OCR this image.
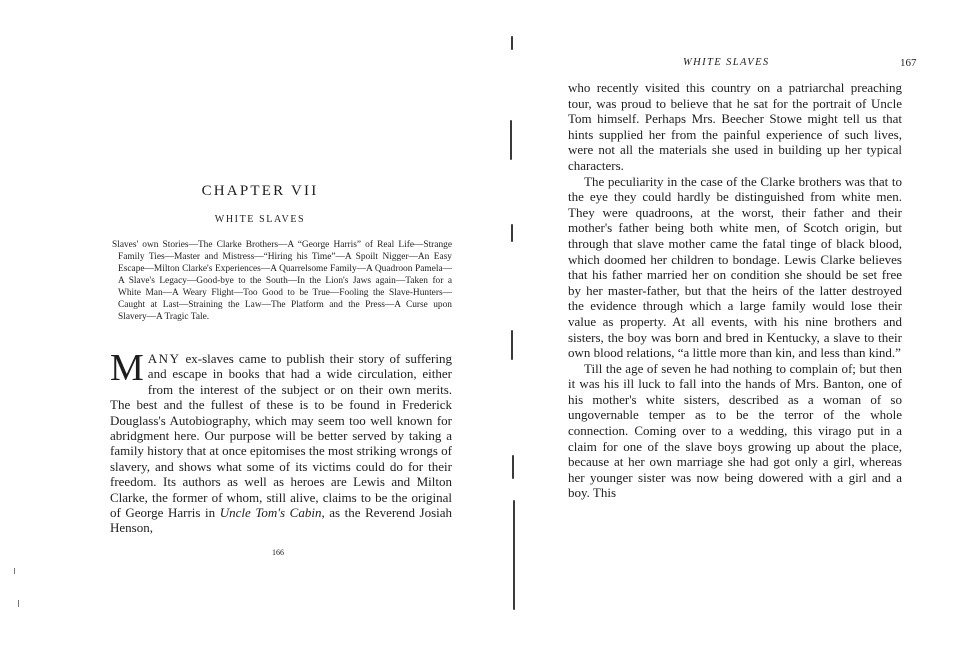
CHAPTER VII
WHITE SLAVES
Slaves' own Stories—The Clarke Brothers—A “George Harris” of Real Life—Strange Family Ties—Master and Mistress—“Hiring his Time”—A Spoilt Nigger—An Easy Escape—Milton Clarke's Experiences—A Quarrelsome Family—A Quadroon Pamela—A Slave's Legacy—Good-bye to the South—In the Lion's Jaws again—Taken for a White Man—A Weary Flight—Too Good to be True—Fooling the Slave-Hunters—Caught at Last—Straining the Law—The Platform and the Press—A Curse upon Slavery—A Tragic Tale.

MANY ex-slaves came to publish their story of suffering and escape in books that had a wide circulation, either from the interest of the subject or on their own merits. The best and the fullest of these is to be found in Frederick Douglass's Autobiography, which may seem too well known for abridgment here. Our purpose will be better served by taking a family history that at once epitomises the most striking wrongs of slavery, and shows what some of its victims could do for their freedom. Its authors as well as heroes are Lewis and Milton Clarke, the former of whom, still alive, claims to be the original of George Harris in Uncle Tom's Cabin, as the Reverend Josiah Henson,

166
WHITE SLAVES	167

who recently visited this country on a patriarchal preaching tour, was proud to believe that he sat for the portrait of Uncle Tom himself. Perhaps Mrs. Beecher Stowe might tell us that hints supplied her from the painful experience of such lives, were not all the materials she used in building up her typical characters.

The peculiarity in the case of the Clarke brothers was that to the eye they could hardly be distinguished from white men. They were quadroons, at the worst, their father and their mother's father being both white men, of Scotch origin, but through that slave mother came the fatal tinge of black blood, which doomed her children to bondage. Lewis Clarke believes that his father married her on condition she should be set free by her master-father, but that the heirs of the latter destroyed the evidence through which a large family would lose their value as property. At all events, with his nine brothers and sisters, the boy was born and bred in Kentucky, a slave to their own blood relations, “a little more than kin, and less than kind.”

Till the age of seven he had nothing to complain of; but then it was his ill luck to fall into the hands of Mrs. Banton, one of his mother's white sisters, described as a woman of so ungovernable temper as to be the terror of the whole connection. Coming over to a wedding, this virago put in a claim for one of the slave boys growing up about the place, because at her own marriage she had got only a girl, whereas her younger sister was now being dowered with a girl and a boy. This
